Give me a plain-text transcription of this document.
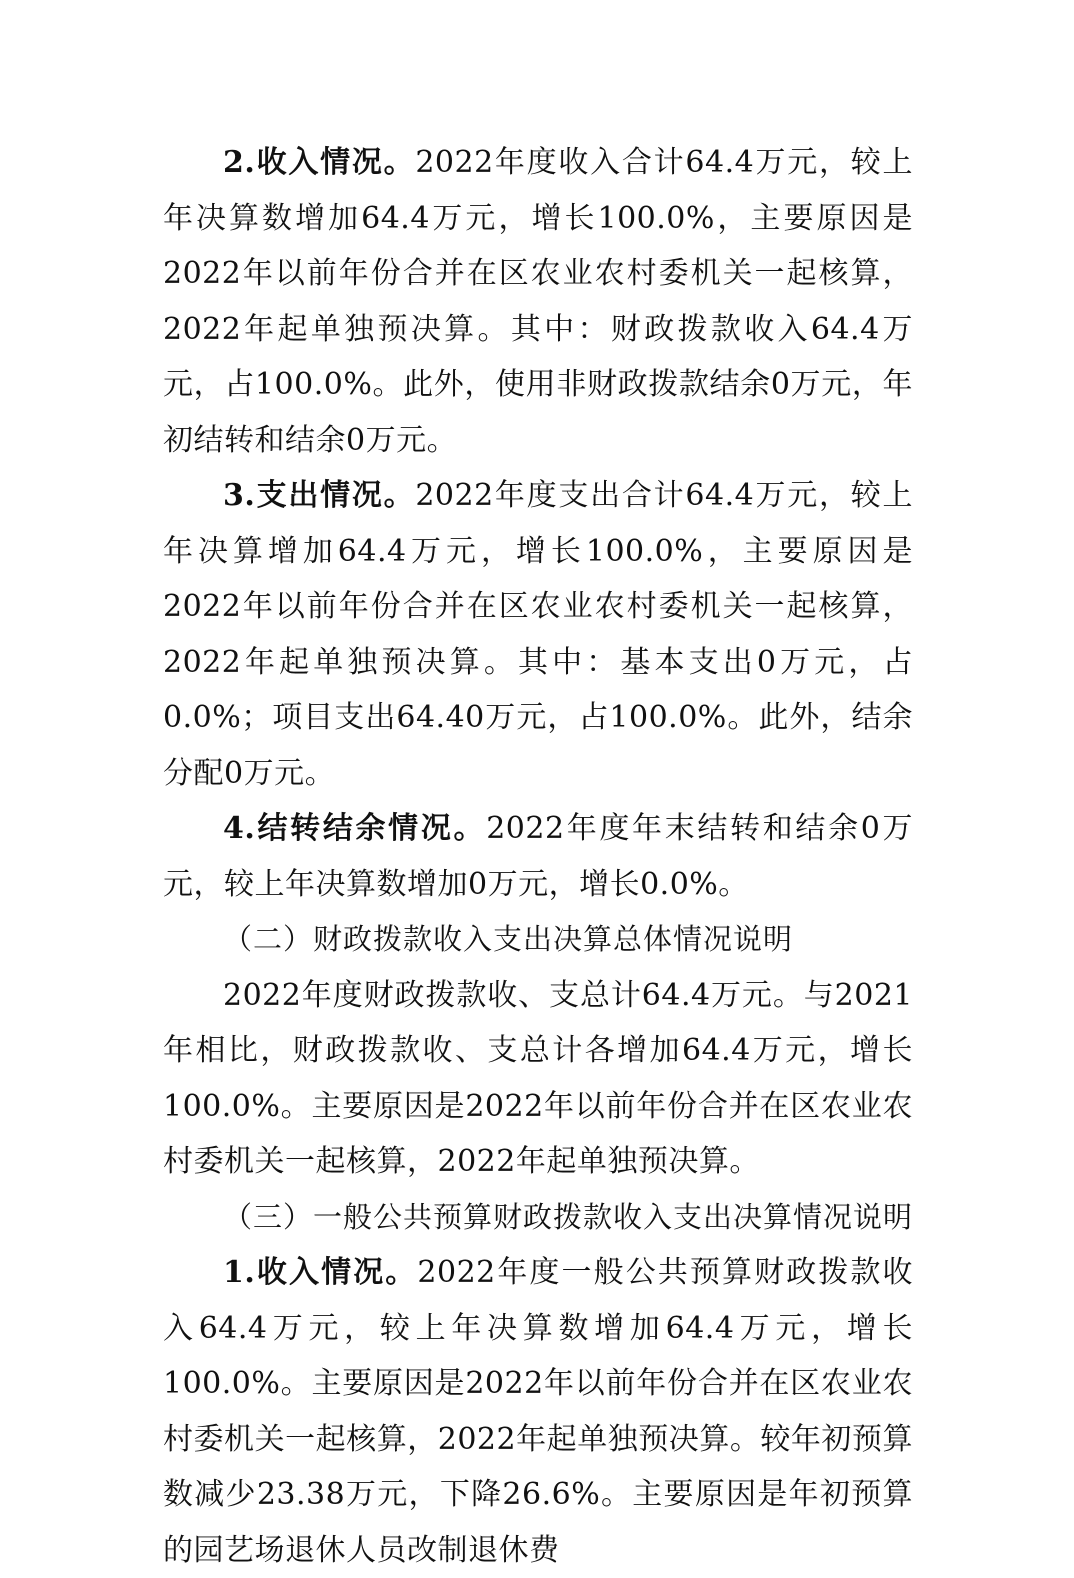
2.收入情况。2022年度收入合计64.4万元，较上年决算数增加64.4万元，增长100.0%，主要原因是2022年以前年份合并在区农业农村委机关一起核算，2022年起单独预决算。其中：财政拨款收入64.4万元，占100.0%。此外，使用非财政拨款结余0万元，年初结转和结余0万元。

3.支出情况。2022年度支出合计64.4万元，较上年决算增加64.4万元，增长100.0%，主要原因是2022年以前年份合并在区农业农村委机关一起核算，2022年起单独预决算。其中：基本支出0万元，占0.0%；项目支出64.40万元，占100.0%。此外，结余分配0万元。

4.结转结余情况。2022年度年末结转和结余0万元，较上年决算数增加0万元，增长0.0%。

（二）财政拨款收入支出决算总体情况说明

2022年度财政拨款收、支总计64.4万元。与2021年相比，财政拨款收、支总计各增加64.4万元，增长100.0%。主要原因是2022年以前年份合并在区农业农村委机关一起核算，2022年起单独预决算。

（三）一般公共预算财政拨款收入支出决算情况说明

1.收入情况。2022年度一般公共预算财政拨款收入64.4万元，较上年决算数增加64.4万元，增长100.0%。主要原因是2022年以前年份合并在区农业农村委机关一起核算，2022年起单独预决算。较年初预算数减少23.38万元，下降26.6%。主要原因是年初预算的园艺场退休人员改制退休费
